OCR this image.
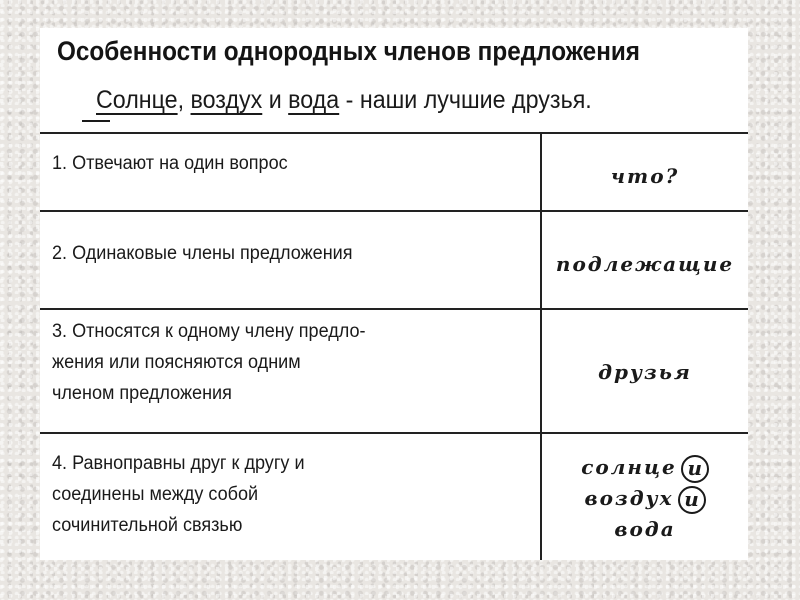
Особенности однородных членов предложения
Солнце, воздух и вода - наши лучшие друзья.
1. Отвечают на один вопрос
что?
2. Одинаковые члены предложения	подлежащие
3. Относятся к одному члену предло-
жения или поясняются одним
членом предложения
друзья
4. Равноправны друг к другу и
соединены между собой
сочинительной связью
солнце и
воздух и
вода
